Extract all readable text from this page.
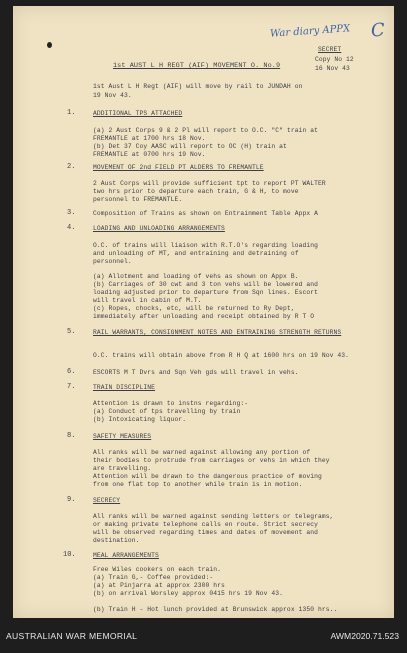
War diary APPX C
SECRET
Copy No 12
16 Nov 43
1st AUST L H REGT (AIF) MOVEMENT O. No.9
1st Aust L H Regt (AIF) will move by rail to JUNDAH on
19 Nov 43.
1.	ADDITIONAL TPS ATTACHED
(a) 2 Aust Corps 9 & 2 Pl will report to O.C. "C" train at
FREMANTLE at 1700 hrs 18 Nov.
(b) Det 37 Coy AASC will report to OC (H) train at
FREMANTLE at 0700 hrs 19 Nov.
2.	MOVEMENT OF 2nd FIELD PT ALDERS TO FREMANTLE
2 Aust Corps will provide sufficient tpt to report PT WALTER
two hrs prior to departure each train, G & H, to move
personnel to FREMANTLE.
3.	Composition of Trains as shown on Entrainment Table Appx A
4.	LOADING AND UNLOADING ARRANGEMENTS
O.C. of trains will liaison with R.T.O's regarding loading
and unloading of MT, and entraining and detraining of
personnel.
(a) Allotment and loading of vehs as shown on Appx B.
(b) Carriages of 30 cwt and 3 ton vehs will be lowered and
loading adjusted prior to departure from Sqn lines. Escort
will travel in cabin of M.T.
(c) Ropes, chocks, etc, will be returned to Ry Dept,
immediately after unloading and receipt obtained by R T O
5.	RAIL WARRANTS, CONSIGNMENT NOTES AND ENTRAINING STRENGTH RETURNS
O.C. trains will obtain above from R H Q at 1600 hrs on 19 Nov 43.
6.	ESCORTS M T Dvrs and Sqn Veh gds will travel in vehs.
7.	TRAIN DISCIPLINE
Attention is drawn to instns regarding:-
(a) Conduct of tps travelling by train
(b) Intoxicating liquor.
8.	SAFETY MEASURES
All ranks will be warned against allowing any portion of
their bodies to protrude from carriages or vehs in which they
are travelling.
Attention will be drawn to the dangerous practice of moving
from one flat top to another while train is in motion.
9.	SECRECY
All ranks will be warned against sending letters or telegrams,
or making private telephone calls en route. Strict secrecy
will be observed regarding times and dates of movement and
destination.
10.	MEAL ARRANGEMENTS
Free Wiles cookers on each train.
(a) Train G,- Coffee provided:-
(a) at Pinjarra at approx 2300 hrs
(b) on arrival Worsley approx 0415 hrs 19 Nov 43.
(b) Train H - Hot lunch provided at Brunswick approx 1350 hrs..
AUSTRALIAN WAR MEMORIAL	AWM2020.71.523
